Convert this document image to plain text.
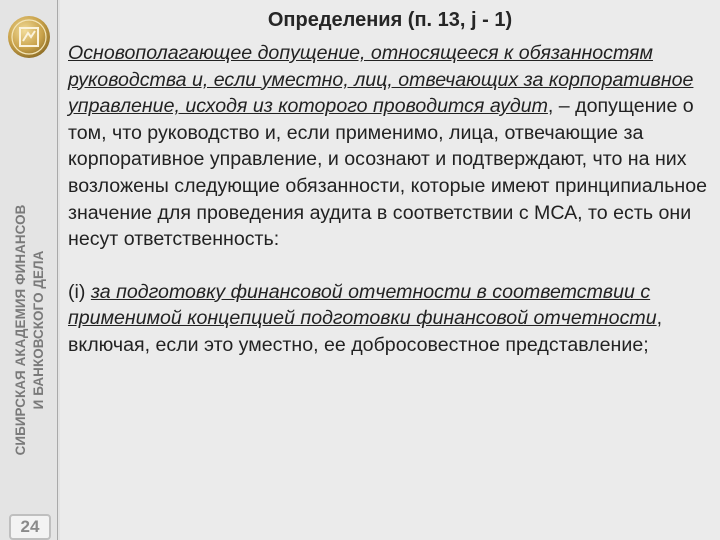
СИБИРСКАЯ АКАДЕМИЯ ФИНАНСОВ И БАНКОВСКОГО ДЕЛА
24
Определения (п. 13, j - 1)

Основополагающее допущение, относящееся к обязанностям руководства и, если уместно, лиц, отвечающих за корпоративное управление, исходя из которого проводится аудит, – допущение о том, что руководство и, если применимо, лица, отвечающие за корпоративное управление, и осознают и подтверждают, что на них возложены следующие обязанности, которые имеют принципиальное значение для проведения аудита в соответствии с МСА, то есть они несут ответственность:

(i) за подготовку финансовой отчетности в соответствии с применимой концепцией подготовки финансовой отчетности, включая, если это уместно, ее добросовестное представление;
